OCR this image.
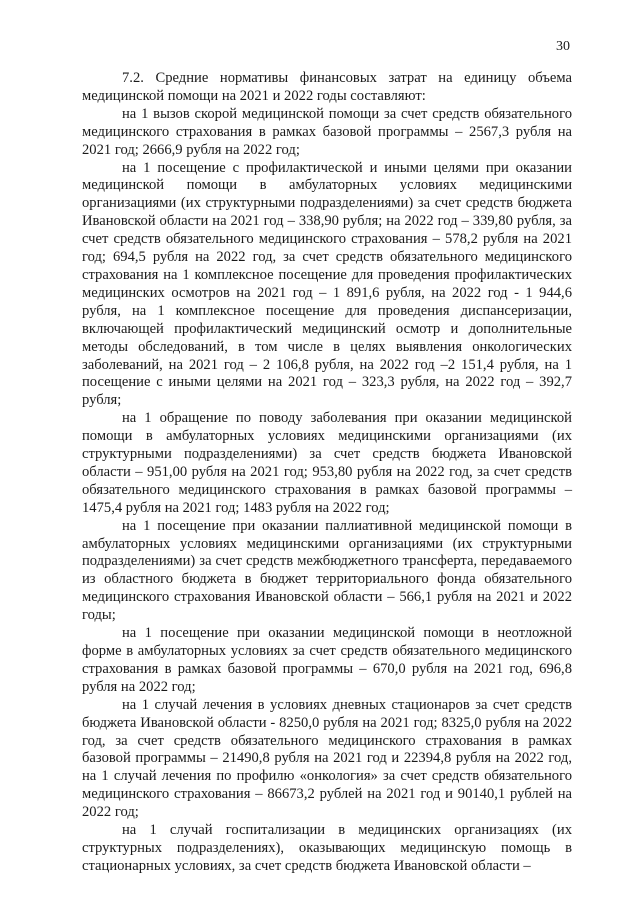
30

7.2. Средние нормативы финансовых затрат на единицу объема медицинской помощи на 2021 и 2022 годы составляют:

на 1 вызов скорой медицинской помощи за счет средств обязательного медицинского страхования в рамках базовой программы – 2567,3 рубля на 2021 год; 2666,9 рубля на 2022 год;

на 1 посещение с профилактической и иными целями при оказании медицинской помощи в амбулаторных условиях медицинскими организациями (их структурными подразделениями) за счет средств бюджета Ивановской области на 2021 год – 338,90 рубля; на 2022 год – 339,80 рубля, за счет средств обязательного медицинского страхования – 578,2 рубля на 2021 год; 694,5 рубля на 2022 год, за счет средств обязательного медицинского страхования на 1 комплексное посещение для проведения профилактических медицинских осмотров на 2021 год – 1 891,6 рубля, на 2022 год - 1 944,6 рубля, на 1 комплексное посещение для проведения диспансеризации, включающей профилактический медицинский осмотр и дополнительные методы обследований, в том числе в целях выявления онкологических заболеваний, на 2021 год – 2 106,8 рубля, на 2022 год –2 151,4 рубля, на 1 посещение с иными целями на 2021 год – 323,3 рубля, на 2022 год – 392,7 рубля;

на 1 обращение по поводу заболевания при оказании медицинской помощи в амбулаторных условиях медицинскими организациями (их структурными подразделениями) за счет средств бюджета Ивановской области – 951,00 рубля на 2021 год; 953,80 рубля на 2022 год, за счет средств обязательного медицинского страхования в рамках базовой программы – 1475,4 рубля на 2021 год; 1483 рубля на 2022 год;

на 1 посещение при оказании паллиативной медицинской помощи в амбулаторных условиях медицинскими организациями (их структурными подразделениями) за счет средств межбюджетного трансферта, передаваемого из областного бюджета в бюджет территориального фонда обязательного медицинского страхования Ивановской области – 566,1 рубля на 2021 и 2022 годы;

на 1 посещение при оказании медицинской помощи в неотложной форме в амбулаторных условиях за счет средств обязательного медицинского страхования в рамках базовой программы – 670,0 рубля на 2021 год, 696,8 рубля на 2022 год;

на 1 случай лечения в условиях дневных стационаров за счет средств бюджета Ивановской области - 8250,0 рубля на 2021 год; 8325,0 рубля на 2022 год, за счет средств обязательного медицинского страхования в рамках базовой программы – 21490,8 рубля на 2021 год и 22394,8 рубля на 2022 год, на 1 случай лечения по профилю «онкология» за счет средств обязательного медицинского страхования – 86673,2 рублей на 2021 год и 90140,1 рублей на 2022 год;

на 1 случай госпитализации в медицинских организациях (их структурных подразделениях), оказывающих медицинскую помощь в стационарных условиях, за счет средств бюджета Ивановской области –
